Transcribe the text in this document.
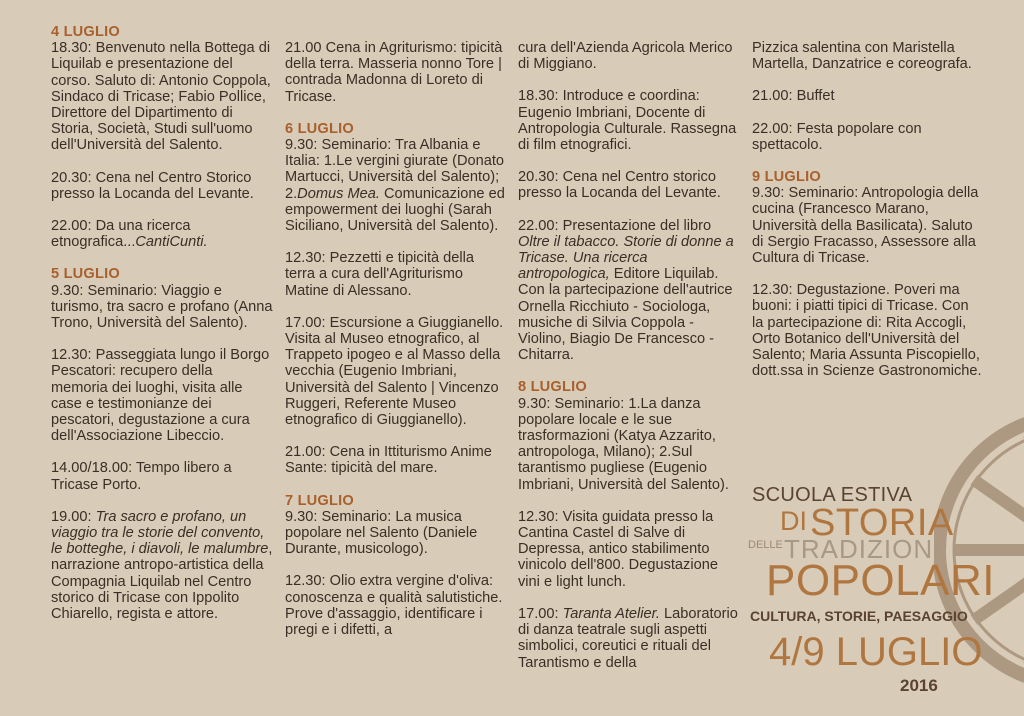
4 LUGLIO

18.30: Benvenuto nella Bottega di Liquilab e presentazione del corso. Saluto di: Antonio Coppola, Sindaco di Tricase; Fabio Pollice, Direttore del Dipartimento di Storia, Società, Studi sull'uomo dell'Università del Salento.

20.30: Cena nel Centro Storico presso la Locanda del Levante.

22.00: Da una ricerca etnografica...CantiCunti.

5 LUGLIO

9.30: Seminario: Viaggio e turismo, tra sacro e profano (Anna Trono, Università del Salento).

12.30: Passeggiata lungo il Borgo Pescatori: recupero della memoria dei luoghi, visita alle case e testimonianze dei pescatori, degustazione a cura dell'Associazione Libeccio.

14.00/18.00: Tempo libero a Tricase Porto.

19.00: Tra sacro e profano, un viaggio tra le storie del convento, le botteghe, i diavoli, le malumbre, narrazione antropo-artistica della Compagnia Liquilab nel Centro storico di Tricase con Ippolito Chiarello, regista e attore.

21.00 Cena in Agriturismo: tipicità della terra. Masseria nonno Tore | contrada Madonna di Loreto di Tricase.

6 LUGLIO

9.30: Seminario: Tra Albania e Italia: 1.Le vergini giurate (Donato Martucci, Università del Salento); 2.Domus Mea. Comunicazione ed empowerment dei luoghi (Sarah Siciliano, Università del Salento).

12.30: Pezzetti e tipicità della terra a cura dell'Agriturismo Matine di Alessano.

17.00: Escursione a Giuggianello. Visita al Museo etnografico, al Trappeto ipogeo e al Masso della vecchia (Eugenio Imbriani, Università del Salento | Vincenzo Ruggeri, Referente Museo etnografico di Giuggianello).

21.00: Cena in Ittiturismo Anime Sante: tipicità del mare.

7 LUGLIO

9.30: Seminario: La musica popolare nel Salento (Daniele Durante, musicologo).

12.30: Olio extra vergine d'oliva: conoscenza e qualità salutistiche. Prove d'assaggio, identificare i pregi e i difetti, a

cura dell'Azienda Agricola Merico di Miggiano.

18.30: Introduce e coordina: Eugenio Imbriani, Docente di Antropologia Culturale. Rassegna di film etnografici.

20.30: Cena nel Centro storico presso la Locanda del Levante.

22.00: Presentazione del libro Oltre il tabacco. Storie di donne a Tricase. Una ricerca antropologica, Editore Liquilab. Con la partecipazione dell'autrice Ornella Ricchiuto - Sociologa, musiche di Silvia Coppola - Violino, Biagio De Francesco - Chitarra.

8 LUGLIO

9.30: Seminario: 1.La danza popolare locale e le sue trasformazioni (Katya Azzarito, antropologa, Milano); 2.Sul tarantismo pugliese (Eugenio Imbriani, Università del Salento).

12.30: Visita guidata presso la Cantina Castel di Salve di Depressa, antico stabilimento vinicolo dell'800. Degustazione vini e light lunch.

17.00: Taranta Atelier. Laboratorio di danza teatrale sugli aspetti simbolici, coreutici e rituali del Tarantismo e della

Pizzica salentina con Maristella Martella, Danzatrice e coreografa.

21.00: Buffet

22.00: Festa popolare con spettacolo.

9 LUGLIO

9.30: Seminario: Antropologia della cucina (Francesco Marano, Università della Basilicata). Saluto di Sergio Fracasso, Assessore alla Cultura di Tricase.

12.30: Degustazione. Poveri ma buoni: i piatti tipici di Tricase. Con la partecipazione di: Rita Accogli, Orto Botanico dell'Università del Salento; Maria Assunta Piscopiello, dott.ssa in Scienze Gastronomiche.

SCUOLA ESTIVA
DI STORIA
DELLE TRADIZIONI
POPOLARI
CULTURA, STORIE, PAESAGGIO
4/9 LUGLIO
2016
